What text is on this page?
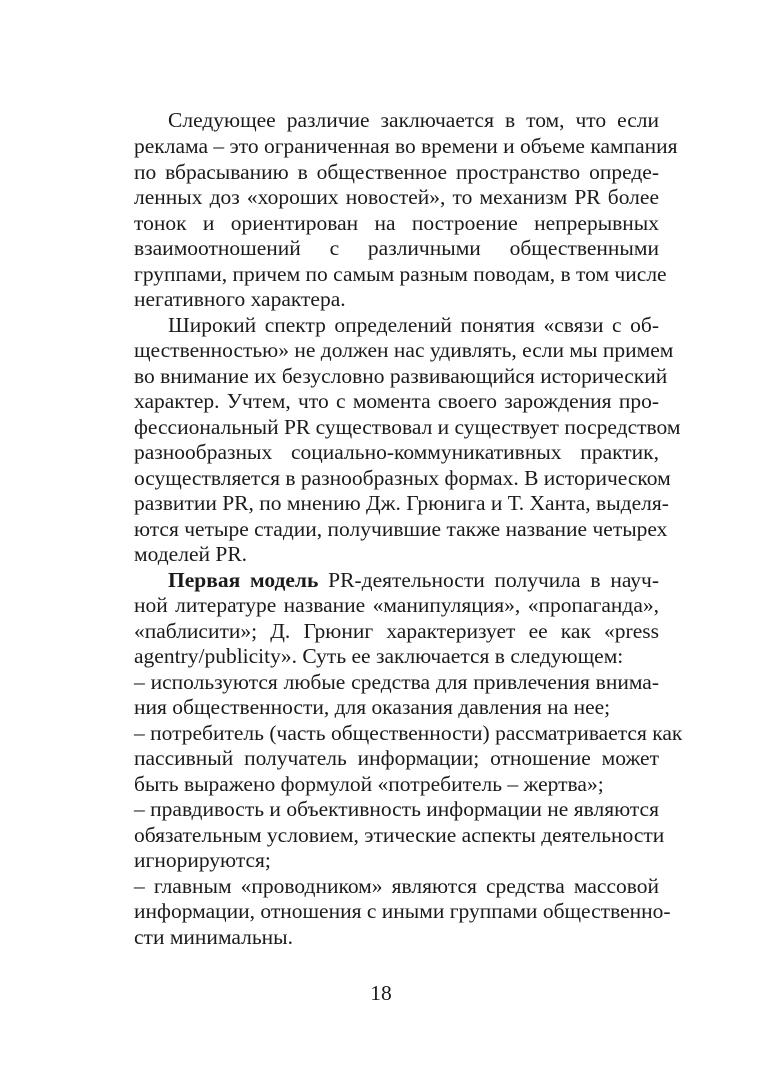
Следующее различие заключается в том, что если
реклама – это ограниченная во времени и объеме кампания
по вбрасыванию в общественное пространство опреде-
ленных доз «хороших новостей», то механизм PR более
тонок и ориентирован на построение непрерывных
взаимоотношений с различными общественными
группами, причем по самым разным поводам, в том числе
негативного характера.
Широкий спектр определений понятия «связи с об-
щественностью» не должен нас удивлять, если мы примем
во внимание их безусловно развивающийся исторический
характер. Учтем, что с момента своего зарождения про-
фессиональный PR существовал и существует посредством
разнообразных социально-коммуникативных практик,
осуществляется в разнообразных формах. В историческом
развитии PR, по мнению Дж. Грюнига и Т. Ханта, выделя-
ются четыре стадии, получившие также название четырех
моделей PR.
Первая модель PR-деятельности получила в науч-
ной литературе название «манипуляция», «пропаганда»,
«паблисити»; Д. Грюниг характеризует ее как «press
agentry/publicity». Суть ее заключается в следующем:
– используются любые средства для привлечения внима-
ния общественности, для оказания давления на нее;
– потребитель (часть общественности) рассматривается как
пассивный получатель информации; отношение может
быть выражено формулой «потребитель – жертва»;
– правдивость и объективность информации не являются
обязательным условием, этические аспекты деятельности
игнорируются;
– главным «проводником» являются средства массовой
информации, отношения с иными группами общественно-
сти минимальны.
18
